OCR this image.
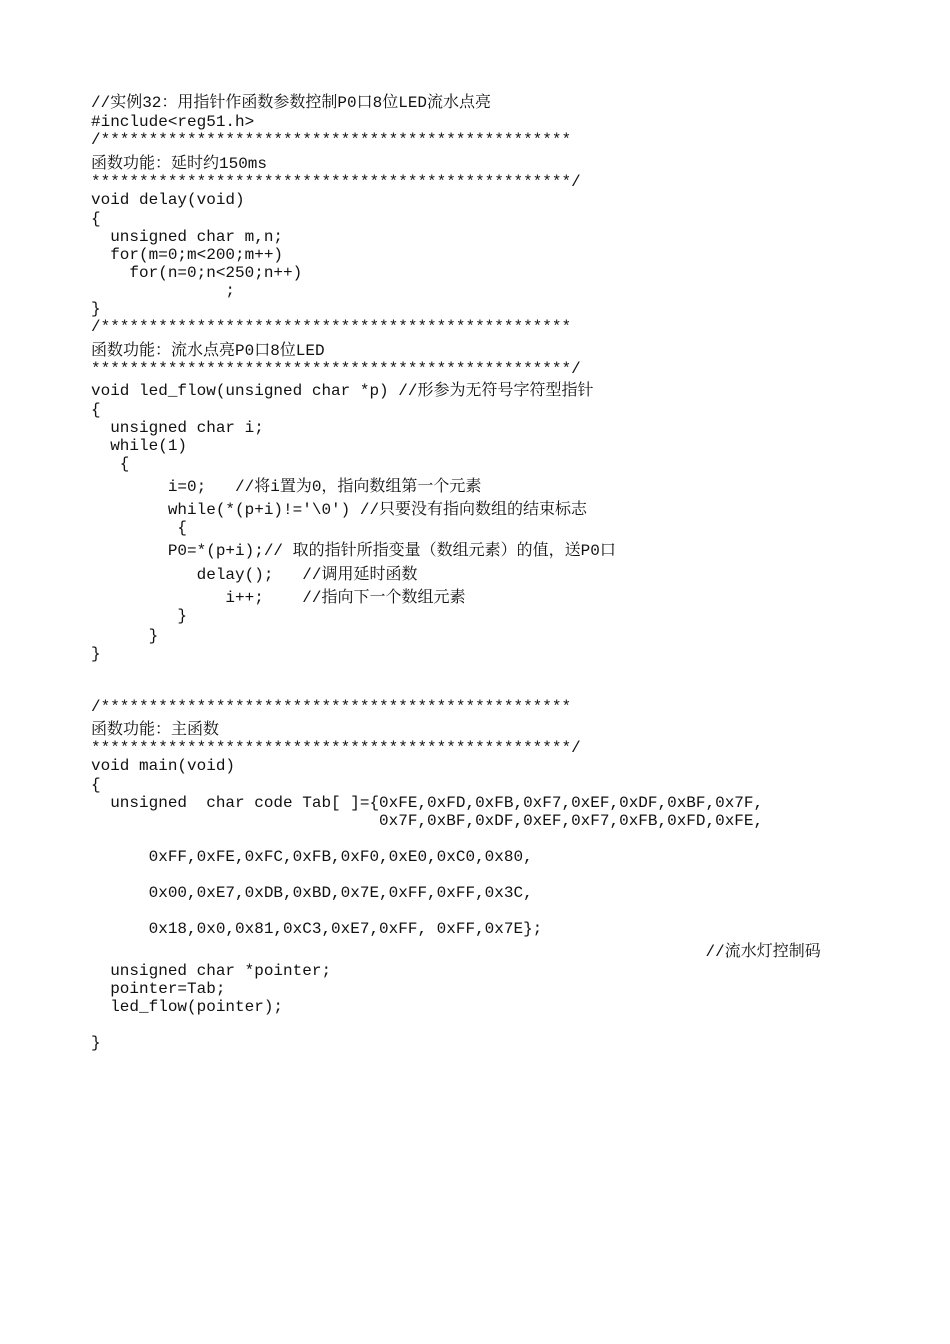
//实例32：用指针作函数参数控制P0口8位LED流水点亮
#include<reg51.h>
/*************************************************
函数功能：延时约150ms
**************************************************/
void delay(void)
{
unsigned char m,n;
for(m=0;m<200;m++)
for(n=0;n<250;n++)
;
}
/*************************************************
函数功能：流水点亮P0口8位LED
**************************************************/
void led_flow(unsigned char *p) //形参为无符号字符型指针
{
unsigned char i;
while(1)
{
i=0;   //将i置为0，指向数组第一个元素
while(*(p+i)!='\0') //只要没有指向数组的结束标志
{
P0=*(p+i);// 取的指针所指变量（数组元素）的值，送P0口
delay();   //调用延时函数
i++;    //指向下一个数组元素
}
}
}
/*************************************************
函数功能：主函数
**************************************************/
void main(void)
{
unsigned  char code Tab[ ]={0xFE,0xFD,0xFB,0xF7,0xEF,0xDF,0xBF,0x7F,
0x7F,0xBF,0xDF,0xEF,0xF7,0xFB,0xFD,0xFE,
0xFF,0xFE,0xFC,0xFB,0xF0,0xE0,0xC0,0x80,
0x00,0xE7,0xDB,0xBD,0x7E,0xFF,0xFF,0x3C,
0x18,0x0,0x81,0xC3,0xE7,0xFF, 0xFF,0x7E};
//流水灯控制码
unsigned char *pointer;
pointer=Tab;
led_flow(pointer);
}
